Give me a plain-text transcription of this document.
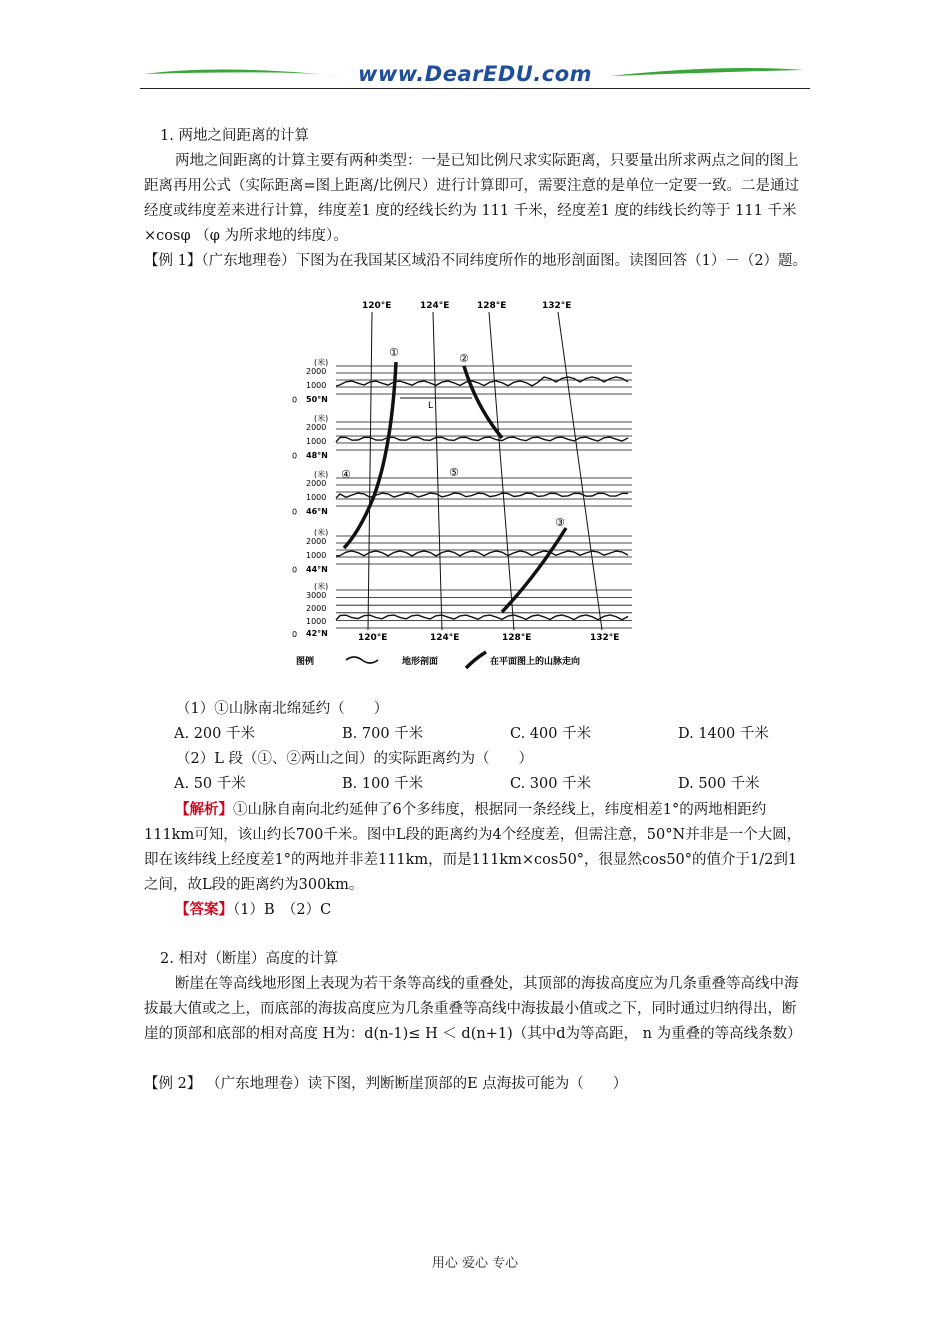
www.DearEDU.com

1. 两地之间距离的计算

两地之间距离的计算主要有两种类型：一是已知比例尺求实际距离，只要量出所求两点之间的图上距离再用公式（实际距离=图上距离/比例尺）进行计算即可，需要注意的是单位一定要一致。二是通过经度或纬度差来进行计算，纬度差1 度的经线长约为 111 千米，经度差1 度的纬线长约等于 111 千米×cosφ （φ 为所求地的纬度）。

【例 1】（广东地理卷）下图为在我国某区域沿不同纬度所作的地形剖面图。读图回答（1）－（2）题。

120°E	124°E	128°E	132°E
120°E	124°E	128°E	132°E
(米)
2000
1000
0 50°N
(米)
2000
1000
0 48°N
(米)
2000
1000
0 46°N
(米)
2000
1000
0 44°N
(米)
3000
2000
1000
0 42°N
①	②
③
④	⑤
L
图例	地形剖面	在平面图上的山脉走向

（1）①山脉南北绵延约（　　）

A. 200 千米	B. 700 千米	C. 400 千米	D. 1400 千米

（2）L 段（①、②两山之间）的实际距离约为（　　）

A. 50 千米	B. 100 千米	C. 300 千米	D. 500 千米

【解析】①山脉自南向北约延伸了6个多纬度，根据同一条经线上，纬度相差1°的两地相距约111km可知，该山约长700千米。图中L段的距离约为4个经度差，但需注意，50°N并非是一个大圆，即在该纬线上经度差1°的两地并非差111km，而是111km×cos50°，很显然cos50°的值介于1/2到1之间，故L段的距离约为300km。

【答案】（1）B　（2）C

2. 相对（断崖）高度的计算

断崖在等高线地形图上表现为若干条等高线的重叠处，其顶部的海拔高度应为几条重叠等高线中海拔最大值或之上，而底部的海拔高度应为几条重叠等高线中海拔最小值或之下，同时通过归纳得出，断崖的顶部和底部的相对高度 H为：d(n-1)≤ H ＜ d(n+1)（其中d为等高距， n 为重叠的等高线条数）

【例 2】 （广东地理卷）读下图，判断断崖顶部的E 点海拔可能为（　　）

用心 爱心 专心
